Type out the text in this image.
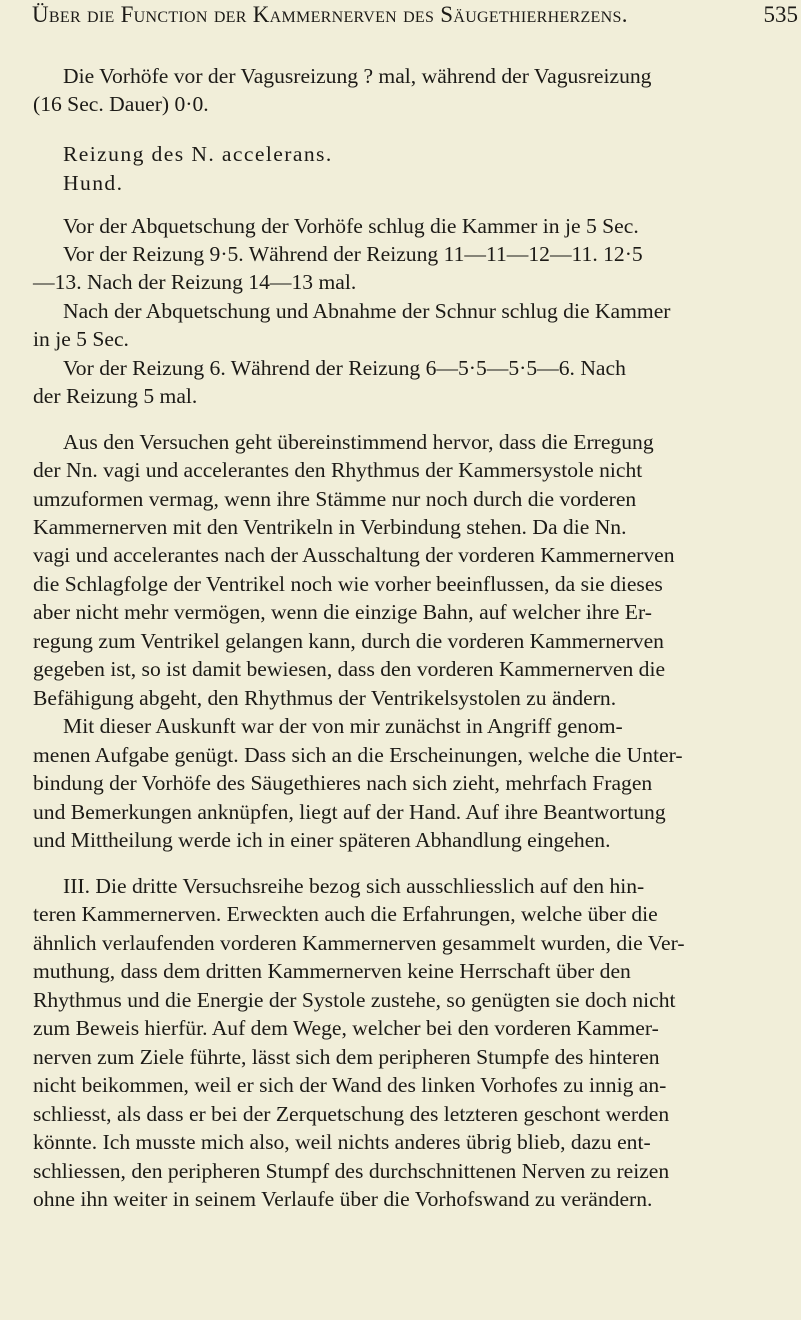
Über die Function der Kammernerven des Säugethierherzens.	535
Die Vorhöfe vor der Vagusreizung ? mal, während der Vagusreizung
(16 Sec. Dauer) 0·0.
Reizung des N. accelerans.
Hund.
Vor der Abquetschung der Vorhöfe schlug die Kammer in je 5 Sec.
Vor der Reizung 9·5. Während der Reizung 11—11—12—11. 12·5
—13. Nach der Reizung 14—13 mal.
Nach der Abquetschung und Abnahme der Schnur schlug die Kammer
in je 5 Sec.
Vor der Reizung 6. Während der Reizung 6—5·5—5·5—6. Nach
der Reizung 5 mal.
Aus den Versuchen geht übereinstimmend hervor, dass die Erregung
der Nn. vagi und accelerantes den Rhythmus der Kammersystole nicht
umzuformen vermag, wenn ihre Stämme nur noch durch die vorderen
Kammernerven mit den Ventrikeln in Verbindung stehen. Da die Nn.
vagi und accelerantes nach der Ausschaltung der vorderen Kammernerven
die Schlagfolge der Ventrikel noch wie vorher beeinflussen, da sie dieses
aber nicht mehr vermögen, wenn die einzige Bahn, auf welcher ihre Er-
regung zum Ventrikel gelangen kann, durch die vorderen Kammernerven
gegeben ist, so ist damit bewiesen, dass den vorderen Kammernerven die
Befähigung abgeht, den Rhythmus der Ventrikelsystolen zu ändern.
Mit dieser Auskunft war der von mir zunächst in Angriff genom-
menen Aufgabe genügt. Dass sich an die Erscheinungen, welche die Unter-
bindung der Vorhöfe des Säugethieres nach sich zieht, mehrfach Fragen
und Bemerkungen anknüpfen, liegt auf der Hand. Auf ihre Beantwortung
und Mittheilung werde ich in einer späteren Abhandlung eingehen.
III. Die dritte Versuchsreihe bezog sich ausschliesslich auf den hin-
teren Kammernerven. Erweckten auch die Erfahrungen, welche über die
ähnlich verlaufenden vorderen Kammernerven gesammelt wurden, die Ver-
muthung, dass dem dritten Kammernerven keine Herrschaft über den
Rhythmus und die Energie der Systole zustehe, so genügten sie doch nicht
zum Beweis hierfür. Auf dem Wege, welcher bei den vorderen Kammer-
nerven zum Ziele führte, lässt sich dem peripheren Stumpfe des hinteren
nicht beikommen, weil er sich der Wand des linken Vorhofes zu innig an-
schliesst, als dass er bei der Zerquetschung des letzteren geschont werden
könnte. Ich musste mich also, weil nichts anderes übrig blieb, dazu ent-
schliessen, den peripheren Stumpf des durchschnittenen Nerven zu reizen
ohne ihn weiter in seinem Verlaufe über die Vorhofswand zu verändern.
